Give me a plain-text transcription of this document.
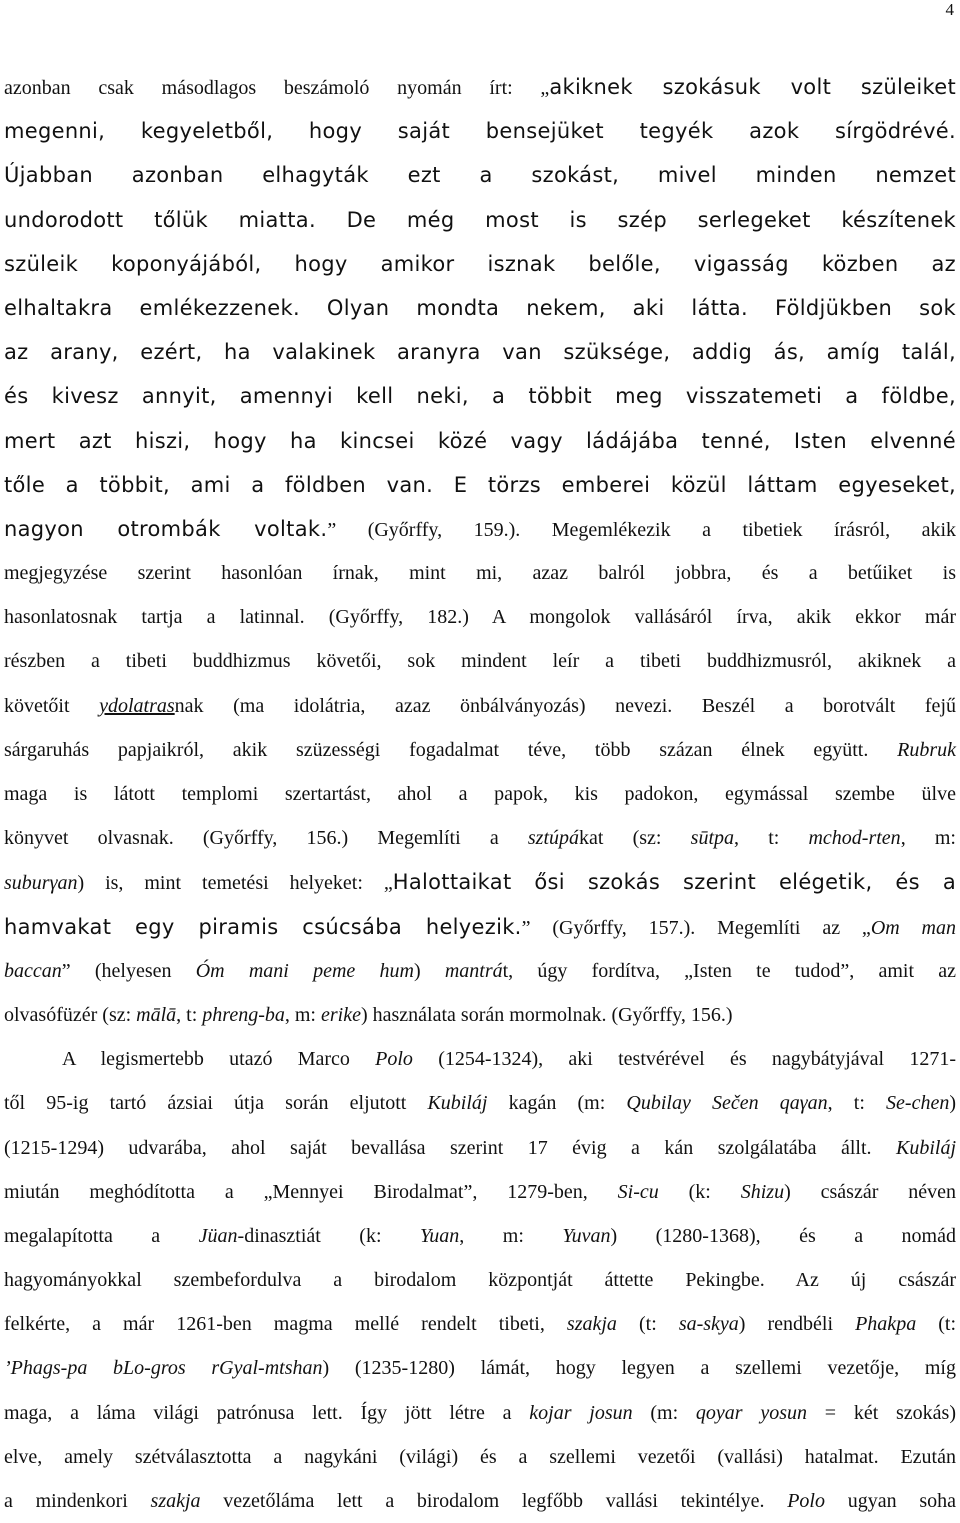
4
azonban csak másodlagos beszámoló nyomán írt: „akiknek szokásuk volt szüleiket
megenni, kegyeletből, hogy saját bensejüket tegyék azok sírgödrévé.
Újabban azonban elhagyták ezt a szokást, mivel minden nemzet
undorodott tőlük miatta. De még most is szép serlegeket készítenek
szüleik koponyájából, hogy amikor isznak belőle, vigasság közben az
elhaltakra emlékezzenek. Olyan mondta nekem, aki látta. Földjükben sok
az arany, ezért, ha valakinek aranyra van szüksége, addig ás, amíg talál,
és kivesz annyit, amennyi kell neki, a többit meg visszatemeti a földbe,
mert azt hiszi, hogy ha kincsei közé vagy ládájába tenné, Isten elvenné
tőle a többit, ami a földben van. E törzs emberei közül láttam egyeseket,
nagyon otrombák voltak.” (Győrffy, 159.). Megemlékezik a tibetiek írásról, akik
megjegyzése szerint hasonlóan írnak, mint mi, azaz balról jobbra, és a betűiket is
hasonlatosnak tartja a latinnal. (Győrffy, 182.) A mongolok vallásáról írva, akik ekkor már
részben a tibeti buddhizmus követői, sok mindent leír a tibeti buddhizmusról, akiknek a
követőit ydolatrasnak (ma idolátria, azaz önbálványozás) nevezi. Beszél a borotvált fejű
sárgaruhás papjaikról, akik szüzességi fogadalmat téve, több százan élnek együtt. Rubruk
maga is látott templomi szertartást, ahol a papok, kis padokon, egymással szembe ülve
könyvet olvasnak. (Győrffy, 156.) Megemlíti a sztúpákat (sz: sūtpa, t: mchod-rten, m:
suburγan) is, mint temetési helyeket: „Halottaikat ősi szokás szerint elégetik, és a
hamvakat egy piramis csúcsába helyezik.” (Győrffy, 157.). Megemlíti az „Om man
baccan” (helyesen Óm mani peme hum) mantrát, úgy fordítva, „Isten te tudod”, amit az
olvasófüzér (sz: mālā, t: phreng-ba, m: erike) használata során mormolnak. (Győrffy, 156.)
A legismertebb utazó Marco Polo (1254-1324), aki testvérével és nagybátyjával 1271-
től 95-ig tartó ázsiai útja során eljutott Kubiláj kagán (m: Qubilay Sečen qaγan, t: Se-chen)
(1215-1294) udvarába, ahol saját bevallása szerint 17 évig a kán szolgálatába állt. Kubiláj
miután meghódította a „Mennyei Birodalmat”, 1279-ben, Si-cu (k: Shizu) császár néven
megalapította a Jüan-dinasztiát (k: Yuan, m: Yuvan) (1280-1368), és a nomád
hagyományokkal szembefordulva a birodalom központját áttette Pekingbe. Az új császár
felkérte, a már 1261-ben magma mellé rendelt tibeti, szakja (t: sa-skya) rendbéli Phakpa (t:
’Phags-pa bLo-gros rGyal-mtshan) (1235-1280) lámát, hogy legyen a szellemi vezetője, míg
maga, a láma világi patrónusa lett. Így jött létre a kojar josun (m: qoyar yosun = két szokás)
elve, amely szétválasztotta a nagykáni (világi) és a szellemi vezetői (vallási) hatalmat. Ezután
a mindenkori szakja vezetőláma lett a birodalom legfőbb vallási tekintélye. Polo ugyan soha
